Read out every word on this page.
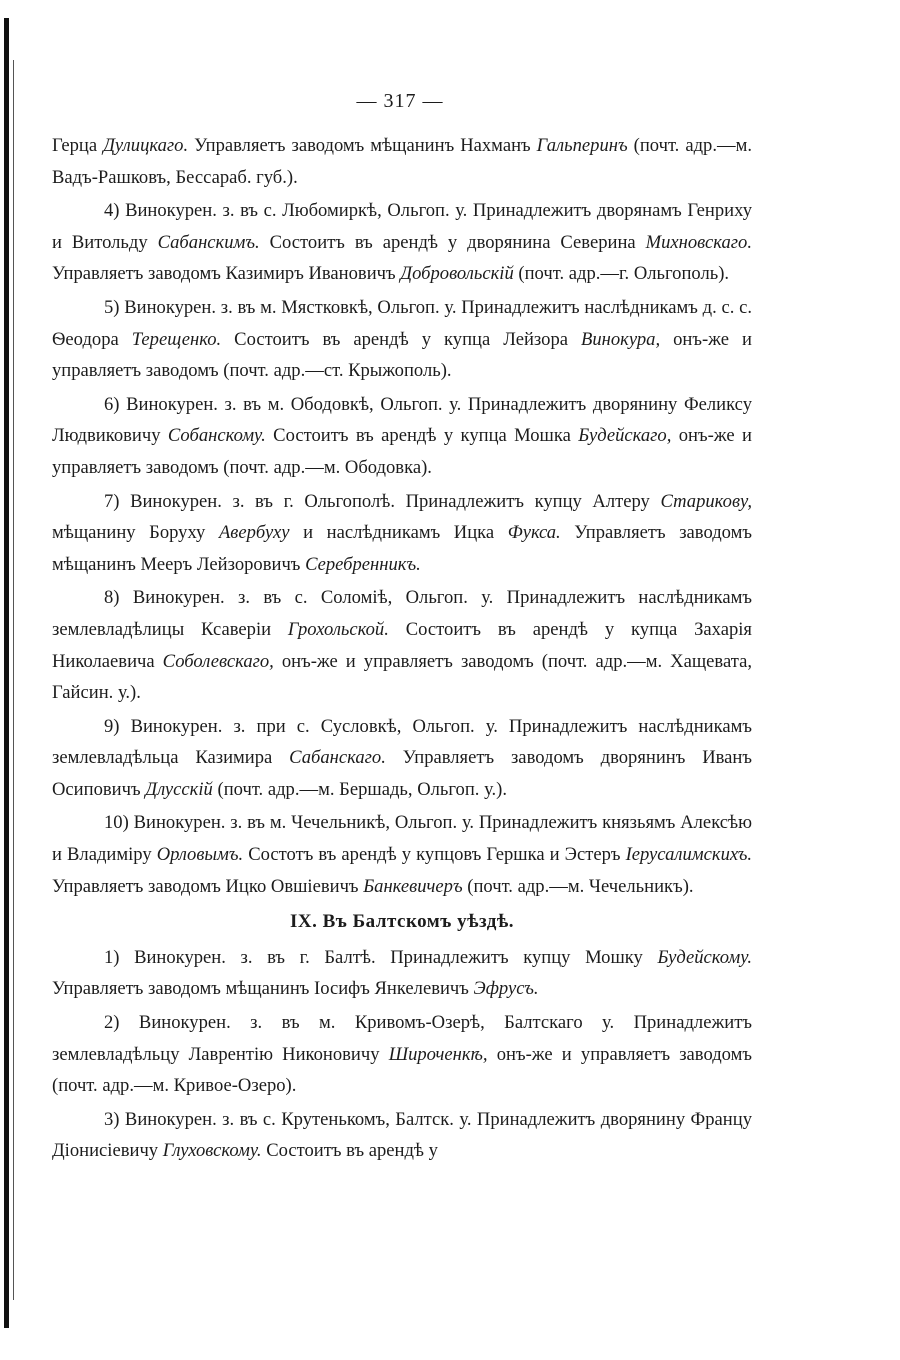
— 317 —

Герца Дулицкаго. Управляетъ заводомъ мѣщанинъ Нахманъ Гальперинъ (почт. адр.—м. Вадъ-Рашковъ, Бессараб. губ.).

4) Винокурен. з. въ с. Любомиркѣ, Ольгоп. у. Принадлежитъ дворянамъ Генриху и Витольду Сабанскимъ. Состоитъ въ арендѣ у дворянина Северина Михновскаго. Управляетъ заводомъ Казимиръ Ивановичъ Добровольскій (почт. адр.—г. Ольгополь).

5) Винокурен. з. въ м. Мястковкѣ, Ольгоп. у. Принадлежитъ наслѣдникамъ д. с. с. Ѳеодора Терещенко. Состоитъ въ арендѣ у купца Лейзора Винокура, онъ-же и управляетъ заводомъ (почт. адр.—ст. Крыжополь).

6) Винокурен. з. въ м. Ободовкѣ, Ольгоп. у. Принадлежитъ дворянину Феликсу Людвиковичу Собанскому. Состоитъ въ арендѣ у купца Мошка Будейскаго, онъ-же и управляетъ заводомъ (почт. адр.—м. Ободовка).

7) Винокурен. з. въ г. Ольгополѣ. Принадлежитъ купцу Алтеру Старикову, мѣщанину Боруху Авербуху и наслѣдникамъ Ицка Фукса. Управляетъ заводомъ мѣщанинъ Мееръ Лейзоровичъ Серебренникъ.

8) Винокурен. з. въ с. Соломіѣ, Ольгоп. у. Принадлежитъ наслѣдникамъ землевладѣлицы Ксаверіи Грохольской. Состоитъ въ арендѣ у купца Захарія Николаевича Соболевскаго, онъ-же и управляетъ заводомъ (почт. адр.—м. Хащевата, Гайсин. у.).

9) Винокурен. з. при с. Сусловкѣ, Ольгоп. у. Принадлежитъ наслѣдникамъ землевладѣльца Казимира Сабанскаго. Управляетъ заводомъ дворянинъ Иванъ Осиповичъ Длусскій (почт. адр.—м. Бершадь, Ольгоп. у.).

10) Винокурен. з. въ м. Чечельникѣ, Ольгоп. у. Принадлежитъ князьямъ Алексѣю и Владиміру Орловымъ. Состотъ въ арендѣ у купцовъ Гершка и Эстеръ Іерусалимскихъ. Управляетъ заводомъ Ицко Овшіевичъ Банкевичеръ (почт. адр.—м. Чечельникъ).

IX. Въ Балтскомъ уѣздѣ.

1) Винокурен. з. въ г. Балтѣ. Принадлежитъ купцу Мошку Будейскому. Управляетъ заводомъ мѣщанинъ Іосифъ Янкелевичъ Эфрусъ.

2) Винокурен. з. въ м. Кривомъ-Озерѣ, Балтскаго у. Принадлежитъ землевладѣльцу Лаврентію Никоновичу Широченкѣ, онъ-же и управляетъ заводомъ (почт. адр.—м. Кривое-Озеро).

3) Винокурен. з. въ с. Крутенькомъ, Балтск. у. Принадлежитъ дворянину Францу Діонисіевичу Глуховскому. Состоитъ въ арендѣ у
